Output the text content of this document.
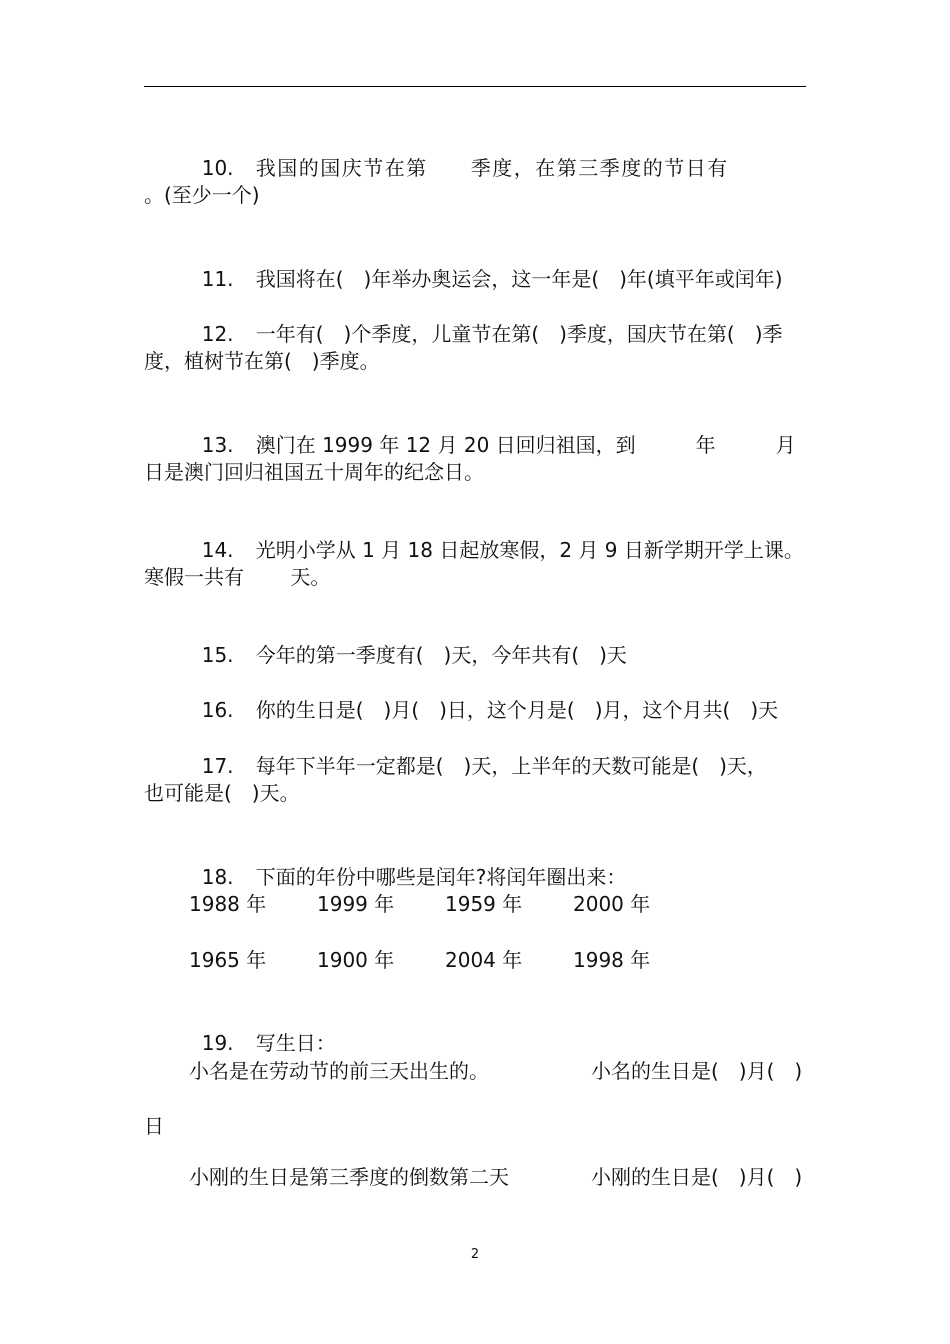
10. 我国的国庆节在第　　季度，在第三季度的节日有

。(至少一个)

11. 我国将在(　)年举办奥运会，这一年是(　)年(填平年或闰年)

12. 一年有(　)个季度，儿童节在第(　)季度，国庆节在第(　)季

度，植树节在第(　)季度。

13. 澳门在 1999 年 12 月 20 日回归祖国，到　　　年　　　月

日是澳门回归祖国五十周年的纪念日。

14. 光明小学从 1 月 18 日起放寒假，2 月 9 日新学期开学上课。

寒假一共有　　 天。

15. 今年的第一季度有(　)天，今年共有(　)天

16. 你的生日是(　)月(　)日，这个月是(　)月，这个月共(　)天

17. 每年下半年一定都是(　)天，上半年的天数可能是(　)天，

也可能是(　)天。

18. 下面的年份中哪些是闰年?将闰年圈出来：

1988 年	1999 年	1959 年	2000 年
1965 年	1900 年	2004 年	1998 年

19. 写生日：

小名是在劳动节的前三天出生的。	小名的生日是(　)月(　)
日
小刚的生日是第三季度的倒数第二天	小刚的生日是(　)月(　)
2
